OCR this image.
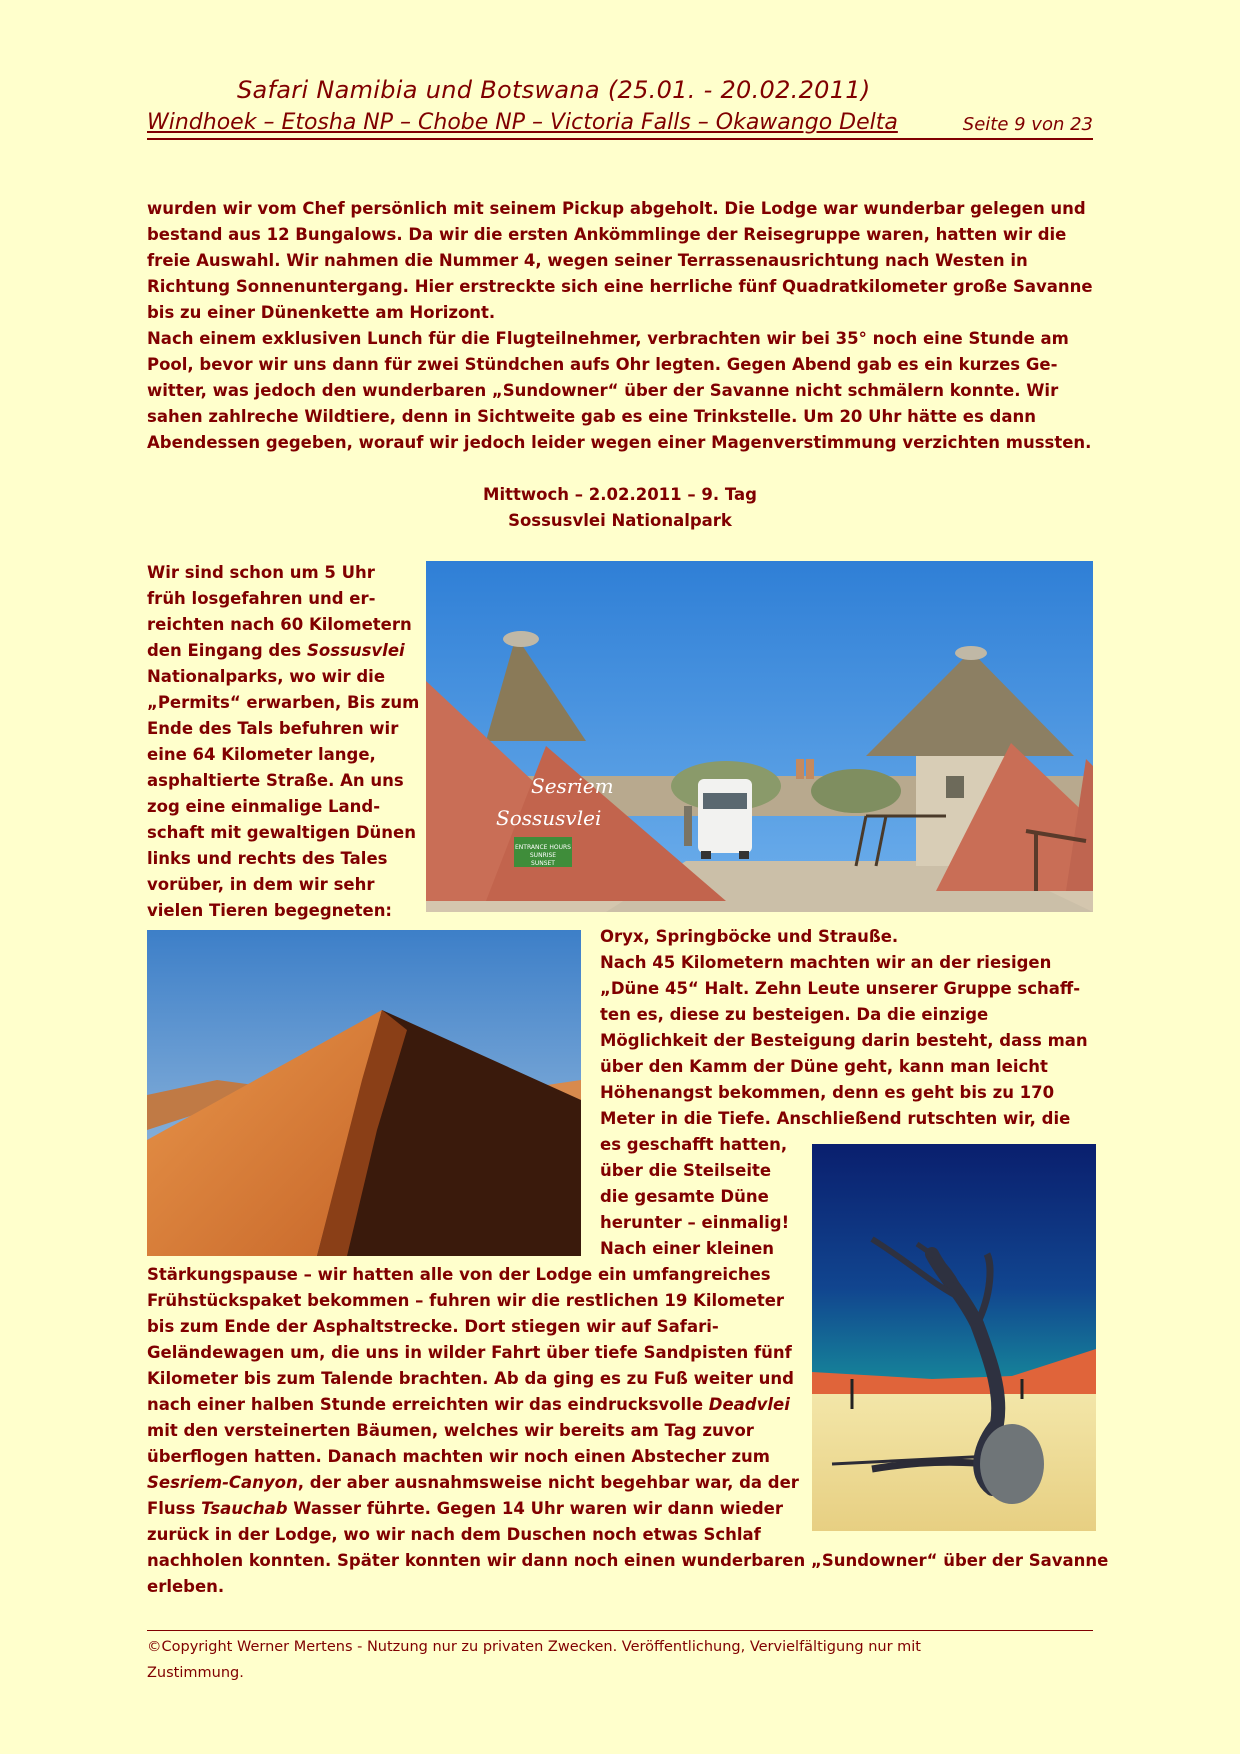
Safari Namibia und Botswana (25.01. - 20.02.2011)
Windhoek – Etosha NP – Chobe NP – Victoria Falls – Okawango Delta	Seite 9 von 23
wurden wir vom Chef persönlich mit seinem Pickup abgeholt. Die Lodge war wunderbar gelegen und
bestand aus 12 Bungalows. Da wir die ersten Ankömmlinge der Reisegruppe waren, hatten wir die
freie Auswahl. Wir nahmen die Nummer 4, wegen seiner Terrassenausrichtung nach Westen in
Richtung Sonnenuntergang. Hier erstreckte sich eine herrliche fünf Quadratkilometer große Savanne
bis zu einer Dünenkette am Horizont.
Nach einem exklusiven Lunch für die Flugteilnehmer, verbrachten wir bei 35° noch eine Stunde am
Pool, bevor wir uns dann für zwei Stündchen aufs Ohr legten. Gegen Abend gab es ein kurzes Ge-
witter, was jedoch den wunderbaren „Sundowner“ über der Savanne nicht schmälern konnte. Wir
sahen zahlreche Wildtiere, denn in Sichtweite gab es eine Trinkstelle. Um 20 Uhr hätte es dann
Abendessen gegeben, worauf wir jedoch leider wegen einer Magenverstimmung verzichten mussten.
Mittwoch – 2.02.2011 – 9. Tag
Sossusvlei Nationalpark
Wir sind schon um 5 Uhr
früh losgefahren und er-
reichten nach 60 Kilometern
den Eingang des Sossusvlei
Nationalparks, wo wir die
„Permits“ erwarben, Bis zum
Ende des Tals befuhren wir
eine 64 Kilometer lange,
asphaltierte Straße. An uns
zog eine einmalige Land-
schaft mit gewaltigen Dünen
links und rechts des Tales
vorüber, in dem wir sehr
vielen Tieren begegneten:
Sesriem
Sossusvlei
ENTRANCE HOURS
SUNRISE
SUNSET
Oryx, Springböcke und Strauße.
Nach 45 Kilometern machten wir an der riesigen
„Düne 45“ Halt. Zehn Leute unserer Gruppe schaff-
ten es, diese zu besteigen. Da die einzige
Möglichkeit der Besteigung darin besteht, dass man
über den Kamm der Düne geht, kann man leicht
Höhenangst bekommen, denn es geht bis zu 170
Meter in die Tiefe. Anschließend rutschten wir, die
es geschafft hatten,
über die Steilseite
die gesamte Düne
herunter – einmalig!
Nach einer kleinen
Stärkungspause – wir hatten alle von der Lodge ein umfangreiches
Frühstückspaket bekommen – fuhren wir die restlichen 19 Kilometer
bis zum Ende der Asphaltstrecke. Dort stiegen wir auf Safari-
Geländewagen um, die uns in wilder Fahrt über tiefe Sandpisten fünf
Kilometer bis zum Talende brachten. Ab da ging es zu Fuß weiter und
nach einer halben Stunde erreichten wir das eindrucksvolle Deadvlei
mit den versteinerten Bäumen, welches wir bereits am Tag zuvor
überflogen hatten. Danach machten wir noch einen Abstecher zum
Sesriem-Canyon, der aber ausnahmsweise nicht begehbar war, da der
Fluss Tsauchab Wasser führte. Gegen 14 Uhr waren wir dann wieder
zurück in der Lodge, wo wir nach dem Duschen noch etwas Schlaf
nachholen konnten. Später konnten wir dann noch einen wunderbaren „Sundowner“ über der Savanne
erleben.
©Copyright Werner Mertens - Nutzung nur zu privaten Zwecken. Veröffentlichung, Vervielfältigung nur mit
Zustimmung.
